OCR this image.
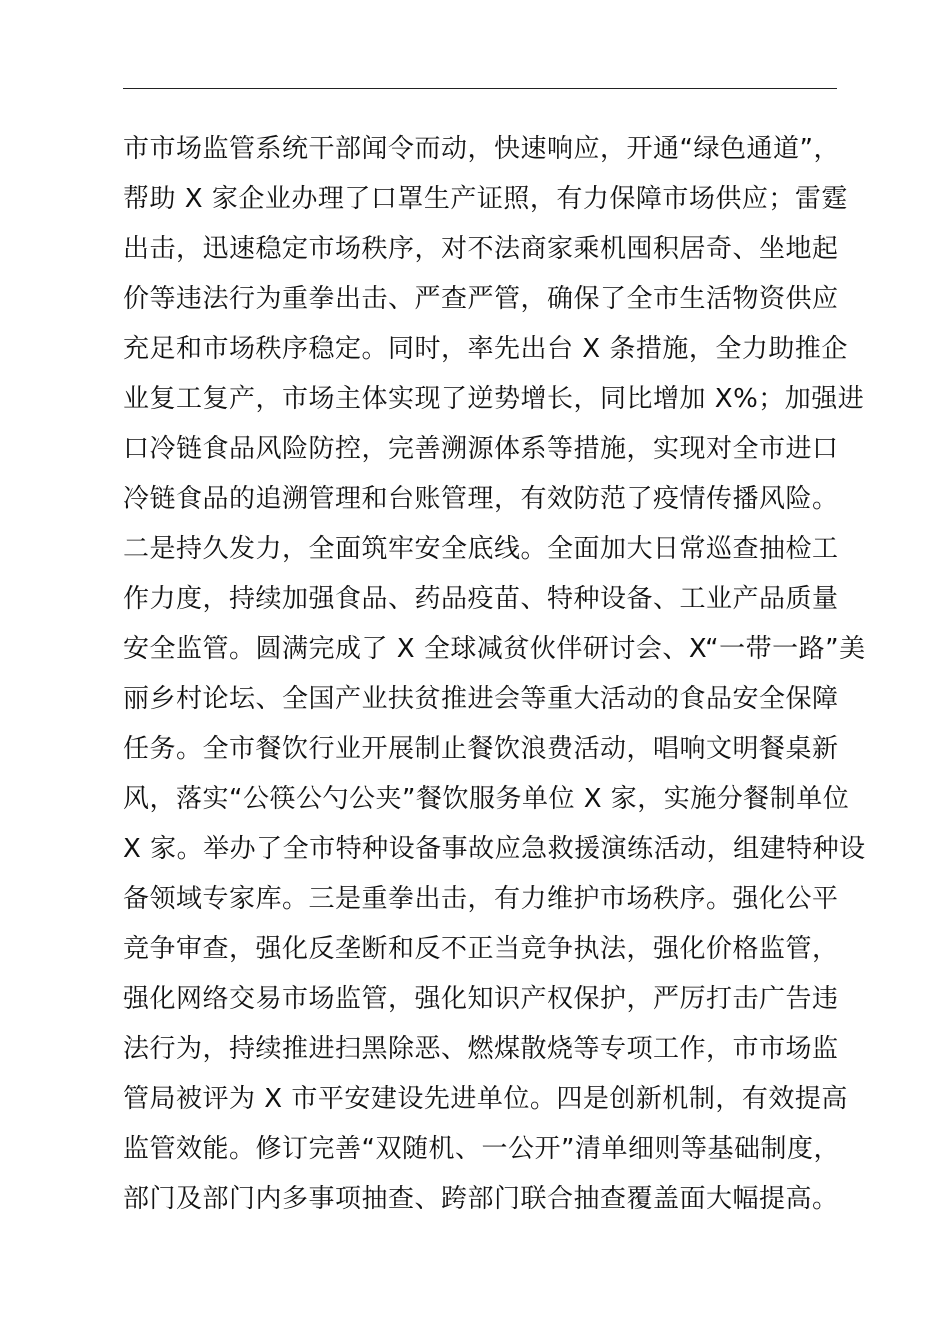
市市场监管系统干部闻令而动，快速响应，开通“绿色通道”，
帮助 X 家企业办理了口罩生产证照，有力保障市场供应；雷霆
出击，迅速稳定市场秩序，对不法商家乘机囤积居奇、坐地起
价等违法行为重拳出击、严查严管，确保了全市生活物资供应
充足和市场秩序稳定。同时，率先出台 X 条措施，全力助推企
业复工复产，市场主体实现了逆势增长，同比增加 X%；加强进
口冷链食品风险防控，完善溯源体系等措施，实现对全市进口
冷链食品的追溯管理和台账管理，有效防范了疫情传播风险。
二是持久发力，全面筑牢安全底线。全面加大日常巡查抽检工
作力度，持续加强食品、药品疫苗、特种设备、工业产品质量
安全监管。圆满完成了 X 全球减贫伙伴研讨会、X“一带一路”美
丽乡村论坛、全国产业扶贫推进会等重大活动的食品安全保障
任务。全市餐饮行业开展制止餐饮浪费活动，唱响文明餐桌新
风，落实“公筷公勺公夹”餐饮服务单位 X 家，实施分餐制单位
X 家。举办了全市特种设备事故应急救援演练活动，组建特种设
备领域专家库。三是重拳出击，有力维护市场秩序。强化公平
竞争审查，强化反垄断和反不正当竞争执法，强化价格监管，
强化网络交易市场监管，强化知识产权保护，严厉打击广告违
法行为，持续推进扫黑除恶、燃煤散烧等专项工作，市市场监
管局被评为 X 市平安建设先进单位。四是创新机制，有效提高
监管效能。修订完善“双随机、一公开”清单细则等基础制度，
部门及部门内多事项抽查、跨部门联合抽查覆盖面大幅提高。
